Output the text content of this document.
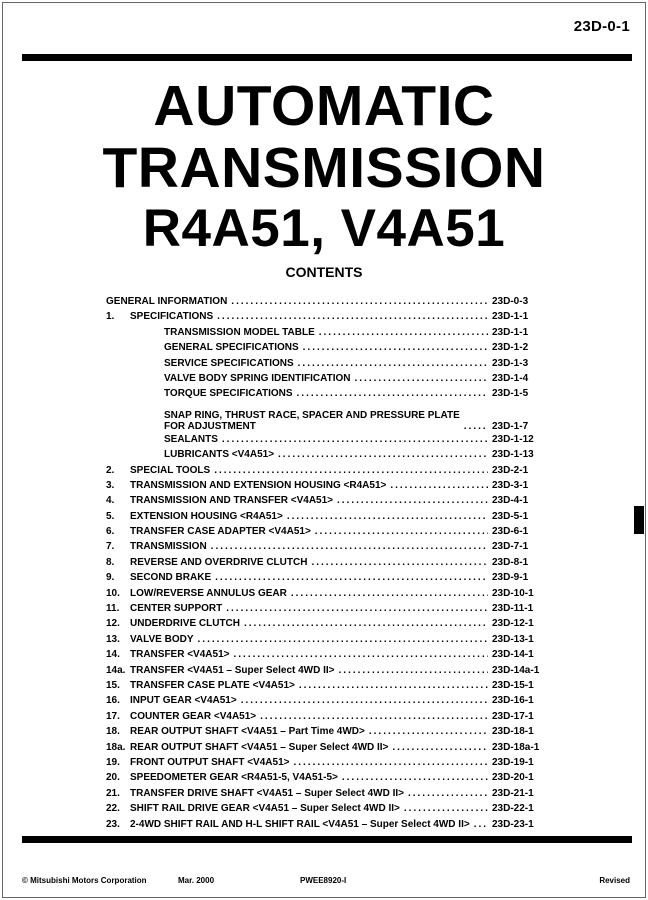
23D-0-1
AUTOMATIC
TRANSMISSION
R4A51, V4A51
CONTENTS
GENERAL INFORMATION .....	23D-0-3
1.	SPECIFICATIONS .....	23D-1-1
TRANSMISSION MODEL TABLE .....	23D-1-1
GENERAL SPECIFICATIONS .....	23D-1-2
SERVICE SPECIFICATIONS .....	23D-1-3
VALVE BODY SPRING IDENTIFICATION .....	23D-1-4
TORQUE SPECIFICATIONS .....	23D-1-5
SNAP RING, THRUST RACE, SPACER AND PRESSURE PLATE
FOR ADJUSTMENT .....	23D-1-7
SEALANTS .....	23D-1-12
LUBRICANTS <V4A51> .....	23D-1-13
2.	SPECIAL TOOLS .....	23D-2-1
3.	TRANSMISSION AND EXTENSION HOUSING <R4A51> .....	23D-3-1
4.	TRANSMISSION AND TRANSFER <V4A51> .....	23D-4-1
5.	EXTENSION HOUSING <R4A51> .....	23D-5-1
6.	TRANSFER CASE ADAPTER <V4A51> .....	23D-6-1
7.	TRANSMISSION .....	23D-7-1
8.	REVERSE AND OVERDRIVE CLUTCH .....	23D-8-1
9.	SECOND BRAKE .....	23D-9-1
10.	LOW/REVERSE ANNULUS GEAR .....	23D-10-1
11.	CENTER SUPPORT .....	23D-11-1
12.	UNDERDRIVE CLUTCH .....	23D-12-1
13.	VALVE BODY .....	23D-13-1
14.	TRANSFER <V4A51> .....	23D-14-1
14a. TRANSFER <V4A51 – Super Select 4WD II> .....	23D-14a-1
15.	TRANSFER CASE PLATE <V4A51> .....	23D-15-1
16.	INPUT GEAR <V4A51> .....	23D-16-1
17.	COUNTER GEAR <V4A51> .....	23D-17-1
18.	REAR OUTPUT SHAFT <V4A51 – Part Time 4WD> .....	23D-18-1
18a. REAR OUTPUT SHAFT <V4A51 – Super Select 4WD II> .....	23D-18a-1
19.	FRONT OUTPUT SHAFT <V4A51> .....	23D-19-1
20.	SPEEDOMETER GEAR <R4A51-5, V4A51-5> .....	23D-20-1
21.	TRANSFER DRIVE SHAFT <V4A51 – Super Select 4WD II> .....	23D-21-1
22.	SHIFT RAIL DRIVE GEAR <V4A51 – Super Select 4WD II> .....	23D-22-1
23.	2-4WD SHIFT RAIL AND H-L SHIFT RAIL <V4A51 – Super Select 4WD II> ..... 23D-23-1
© Mitsubishi Motors Corporation	Mar. 2000	PWEE8920-I	Revised
